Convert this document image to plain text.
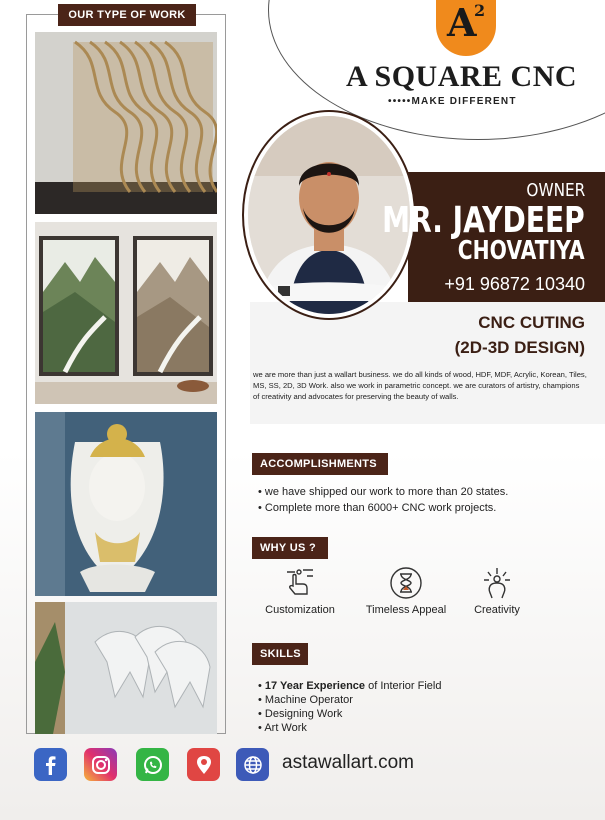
OUR TYPE OF WORK	A
2
A SQUARE CNC
•••••MAKE DIFFERENT
OWNER
MR. JAYDEEP
CHOVATIYA
+91 96872 10340
CNC CUTING
(2D-3D DESIGN)
we are more than just a wallart business. we do all kinds of wood, HDF, MDF, Acrylic, Korean, Tiles, MS, SS, 2D, 3D Work. also we work in parametric concept. we are curators of artistry, champions of creativity and advocates for preserving the beauty of walls.
ACCOMPLISHMENTS
• we have shipped our work to more than 20 states.
• Complete more than 6000+ CNC work projects.
WHY US ?
Customization	Timeless Appeal	Creativity
SKILLS
• 17 Year Experience of Interior Field
• Machine Operator
• Designing Work
• Art Work
astawallart.com
